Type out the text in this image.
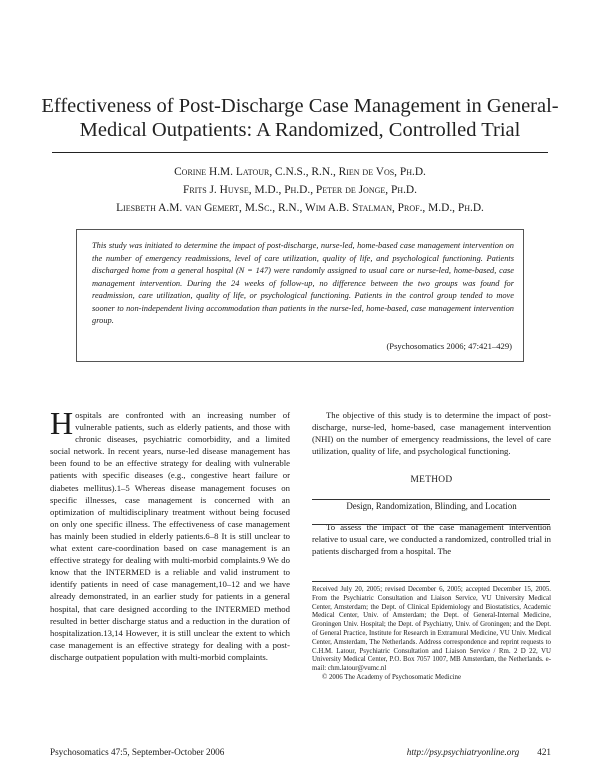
Effectiveness of Post-Discharge Case Management in General-
Medical Outpatients: A Randomized, Controlled Trial
Corine H.M. Latour, C.N.S., R.N., Rien de Vos, Ph.D.
Frits J. Huyse, M.D., Ph.D., Peter de Jonge, Ph.D.
Liesbeth A.M. van Gemert, M.Sc., R.N., Wim A.B. Stalman, Prof., M.D., Ph.D.
This study was initiated to determine the impact of post-discharge, nurse-led, home-based case management intervention on the number of emergency readmissions, level of care utilization, quality of life, and psychological functioning. Patients discharged home from a general hospital (N = 147) were randomly assigned to usual care or nurse-led, home-based, case management intervention. During the 24 weeks of follow-up, no difference between the two groups was found for readmission, care utilization, quality of life, or psychological functioning. Patients in the control group tended to move sooner to non-independent living accommodation than patients in the nurse-led, home-based, case management intervention group.
(Psychosomatics 2006; 47:421–429)
H ospitals are confronted with an increasing number of vulnerable patients, such as elderly patients, and those with chronic diseases, psychiatric comorbidity, and a limited social network. In recent years, nurse-led disease management has been found to be an effective strategy for dealing with vulnerable patients with specific diseases (e.g., congestive heart failure or diabetes mellitus).1–5 Whereas disease management focuses on specific illnesses, case management is concerned with an optimization of multidisciplinary treatment without being focused on only one specific illness. The effectiveness of case management has mainly been studied in elderly patients.6–8 It is still unclear to what extent care-coordination based on case management is an effective strategy for dealing with multi-morbid complaints.9 We do know that the INTERMED is a reliable and valid instrument to identify patients in need of case management,10–12 and we have already demonstrated, in an earlier study for patients in a general hospital, that care designed according to the INTERMED method resulted in better discharge status and a reduction in the duration of hospitalization.13,14 However, it is still unclear the extent to which case management is an effective strategy for dealing with a post-discharge outpatient population with multi-morbid complaints.

The objective of this study is to determine the impact of post-discharge, nurse-led, home-based, case management intervention (NHI) on the number of emergency readmissions, the level of care utilization, quality of life, and psychological functioning.

METHOD
Design, Randomization, Blinding, and Location

To assess the impact of the case management intervention relative to usual care, we conducted a randomized, controlled trial in patients discharged from a hospital. The

Received July 20, 2005; revised December 6, 2005; accepted December 15, 2005. From the Psychiatric Consultation and Liaison Service, VU University Medical Center, Amsterdam; the Dept. of Clinical Epidemiology and Biostatistics, Academic Medical Center, Univ. of Amsterdam; the Dept. of General-Internal Medicine, Groningen Univ. Hospital; the Dept. of Psychiatry, Univ. of Groningen; and the Dept. of General Practice, Institute for Research in Extramural Medicine, VU Univ. Medical Center, Amsterdam, The Netherlands. Address correspondence and reprint requests to C.H.M. Latour, Psychiatric Consultation and Liaison Service / Rm. 2 D 22, VU University Medical Center, P.O. Box 7057 1007, MB Amsterdam, the Netherlands. e-mail: chm.latour@vumc.nl
© 2006 The Academy of Psychosomatic Medicine
Psychosomatics 47:5, September-October 2006	http://psy.psychiatryonline.org 421
